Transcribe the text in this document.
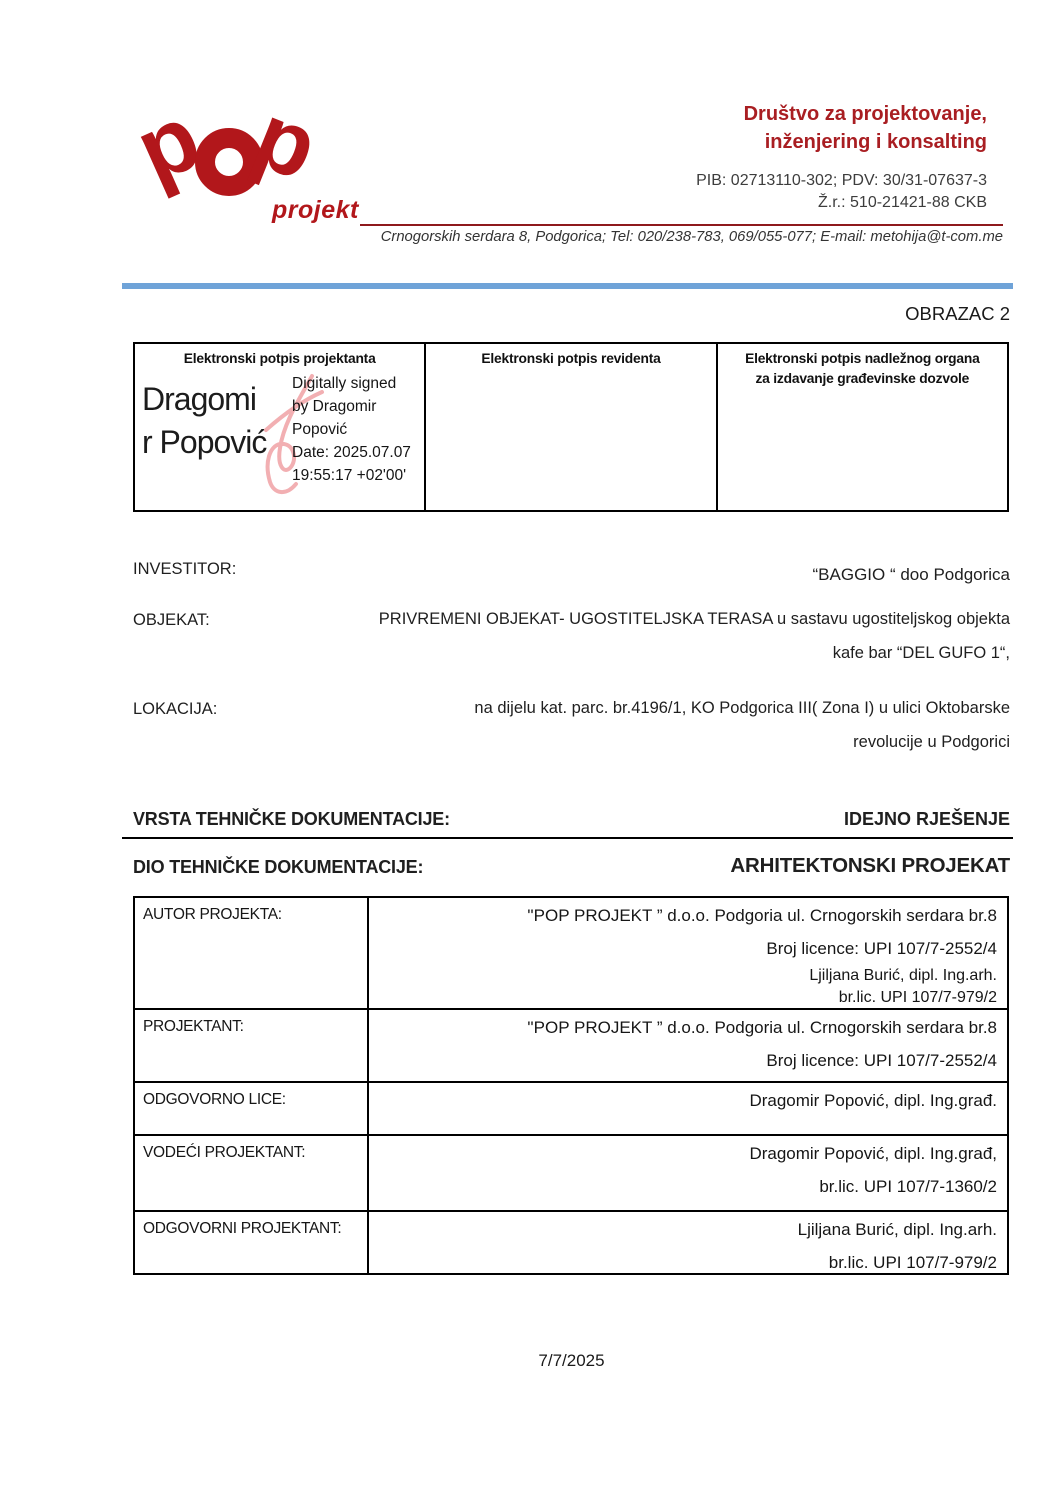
p p
projekt
Društvo za projektovanje,
inženjering i konsalting
PIB: 02713110-302; PDV: 30/31-07637-3
Ž.r.: 510-21421-88 CKB
Crnogorskih serdara 8, Podgorica; Tel: 020/238-783, 069/055-077; E-mail: metohija@t-com.me
OBRAZAC 2
Elektronski potpis projektanta
Dragomi
r Popović
Digitally signed
by Dragomir
Popović
Date: 2025.07.07
19:55:17 +02'00'
Elektronski potpis revidenta	Elektronski potpis nadležnog organa
za izdavanje građevinske dozvole
INVESTITOR:	“BAGGIO “ doo Podgorica
OBJEKAT:	PRIVREMENI OBJEKAT- UGOSTITELJSKA TERASA u sastavu ugostiteljskog objekta
kafe bar “DEL GUFO 1“,
LOKACIJA:	na dijelu kat. parc. br.4196/1, KO Podgorica III( Zona I) u ulici Oktobarske
revolucije u Podgorici
VRSTA TEHNIČKE DOKUMENTACIJE:	IDEJNO RJEŠENJE
DIO TEHNIČKE DOKUMENTACIJE:	ARHITEKTONSKI PROJEKAT
AUTOR PROJEKTA:	''POP PROJEKT ” d.o.o. Podgoria ul. Crnogorskih serdara br.8
Broj licence: UPI 107/7-2552/4
Ljiljana Burić, dipl. Ing.arh.
br.lic. UPI 107/7-979/2
PROJEKTANT:	''POP PROJEKT ” d.o.o. Podgoria ul. Crnogorskih serdara br.8
Broj licence: UPI 107/7-2552/4
ODGOVORNO LICE:	Dragomir Popović, dipl. Ing.građ.
VODEĆI PROJEKTANT:	Dragomir Popović, dipl. Ing.građ,
br.lic. UPI 107/7-1360/2
ODGOVORNI PROJEKTANT:	Ljiljana Burić, dipl. Ing.arh.
br.lic. UPI 107/7-979/2
7/7/2025
